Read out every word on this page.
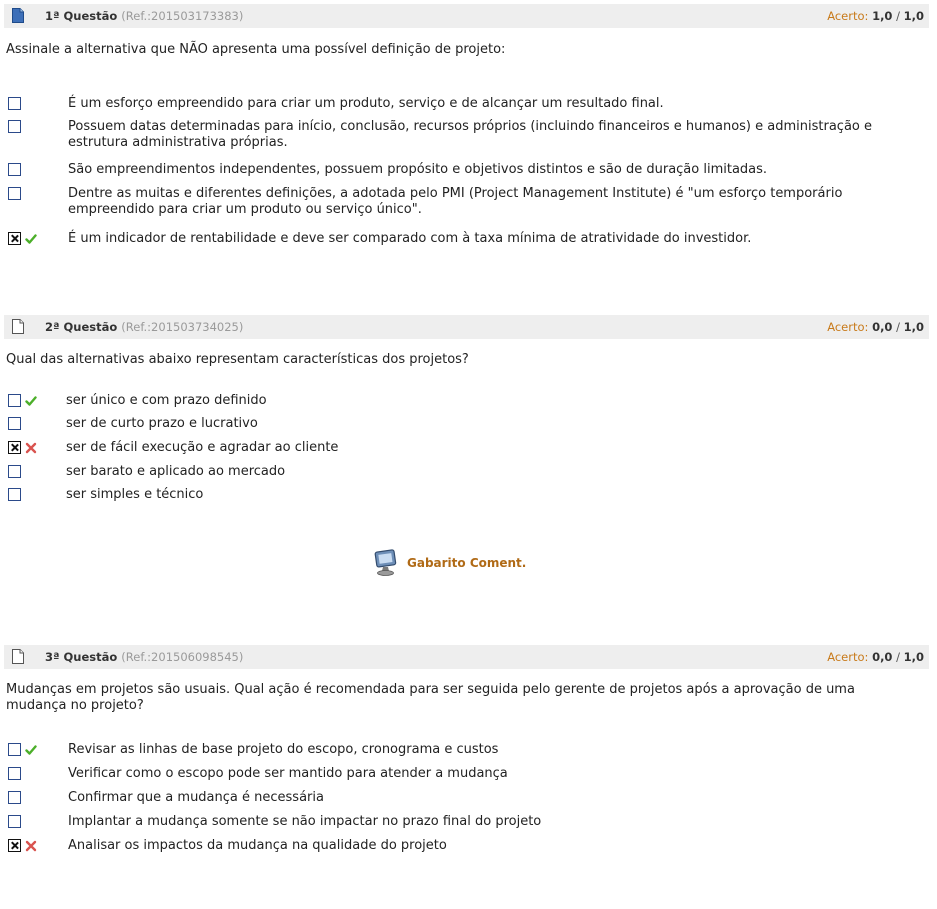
1ª Questão (Ref.:201503173383)	Acerto: 1,0 / 1,0
Assinale a alternativa que NÃO apresenta uma possível definição de projeto:
É um esforço empreendido para criar um produto, serviço e de alcançar um resultado final.
Possuem datas determinadas para início, conclusão, recursos próprios (incluindo financeiros e humanos) e administração e estrutura administrativa próprias.
São empreendimentos independentes, possuem propósito e objetivos distintos e são de duração limitadas.
Dentre as muitas e diferentes definições, a adotada pelo PMI (Project Management Institute) é "um esforço temporário empreendido para criar um produto ou serviço único".
É um indicador de rentabilidade e deve ser comparado com à taxa mínima de atratividade do investidor.
2ª Questão (Ref.:201503734025)	Acerto: 0,0 / 1,0
Qual das alternativas abaixo representam características dos projetos?
ser único e com prazo definido
ser de curto prazo e lucrativo
ser de fácil execução e agradar ao cliente
ser barato e aplicado ao mercado
ser simples e técnico
Gabarito Coment.
3ª Questão (Ref.:201506098545)	Acerto: 0,0 / 1,0
Mudanças em projetos são usuais. Qual ação é recomendada para ser seguida pelo gerente de projetos após a aprovação de uma mudança no projeto?
Revisar as linhas de base projeto do escopo, cronograma e custos
Verificar como o escopo pode ser mantido para atender a mudança
Confirmar que a mudança é necessária
Implantar a mudança somente se não impactar no prazo final do projeto
Analisar os impactos da mudança na qualidade do projeto
